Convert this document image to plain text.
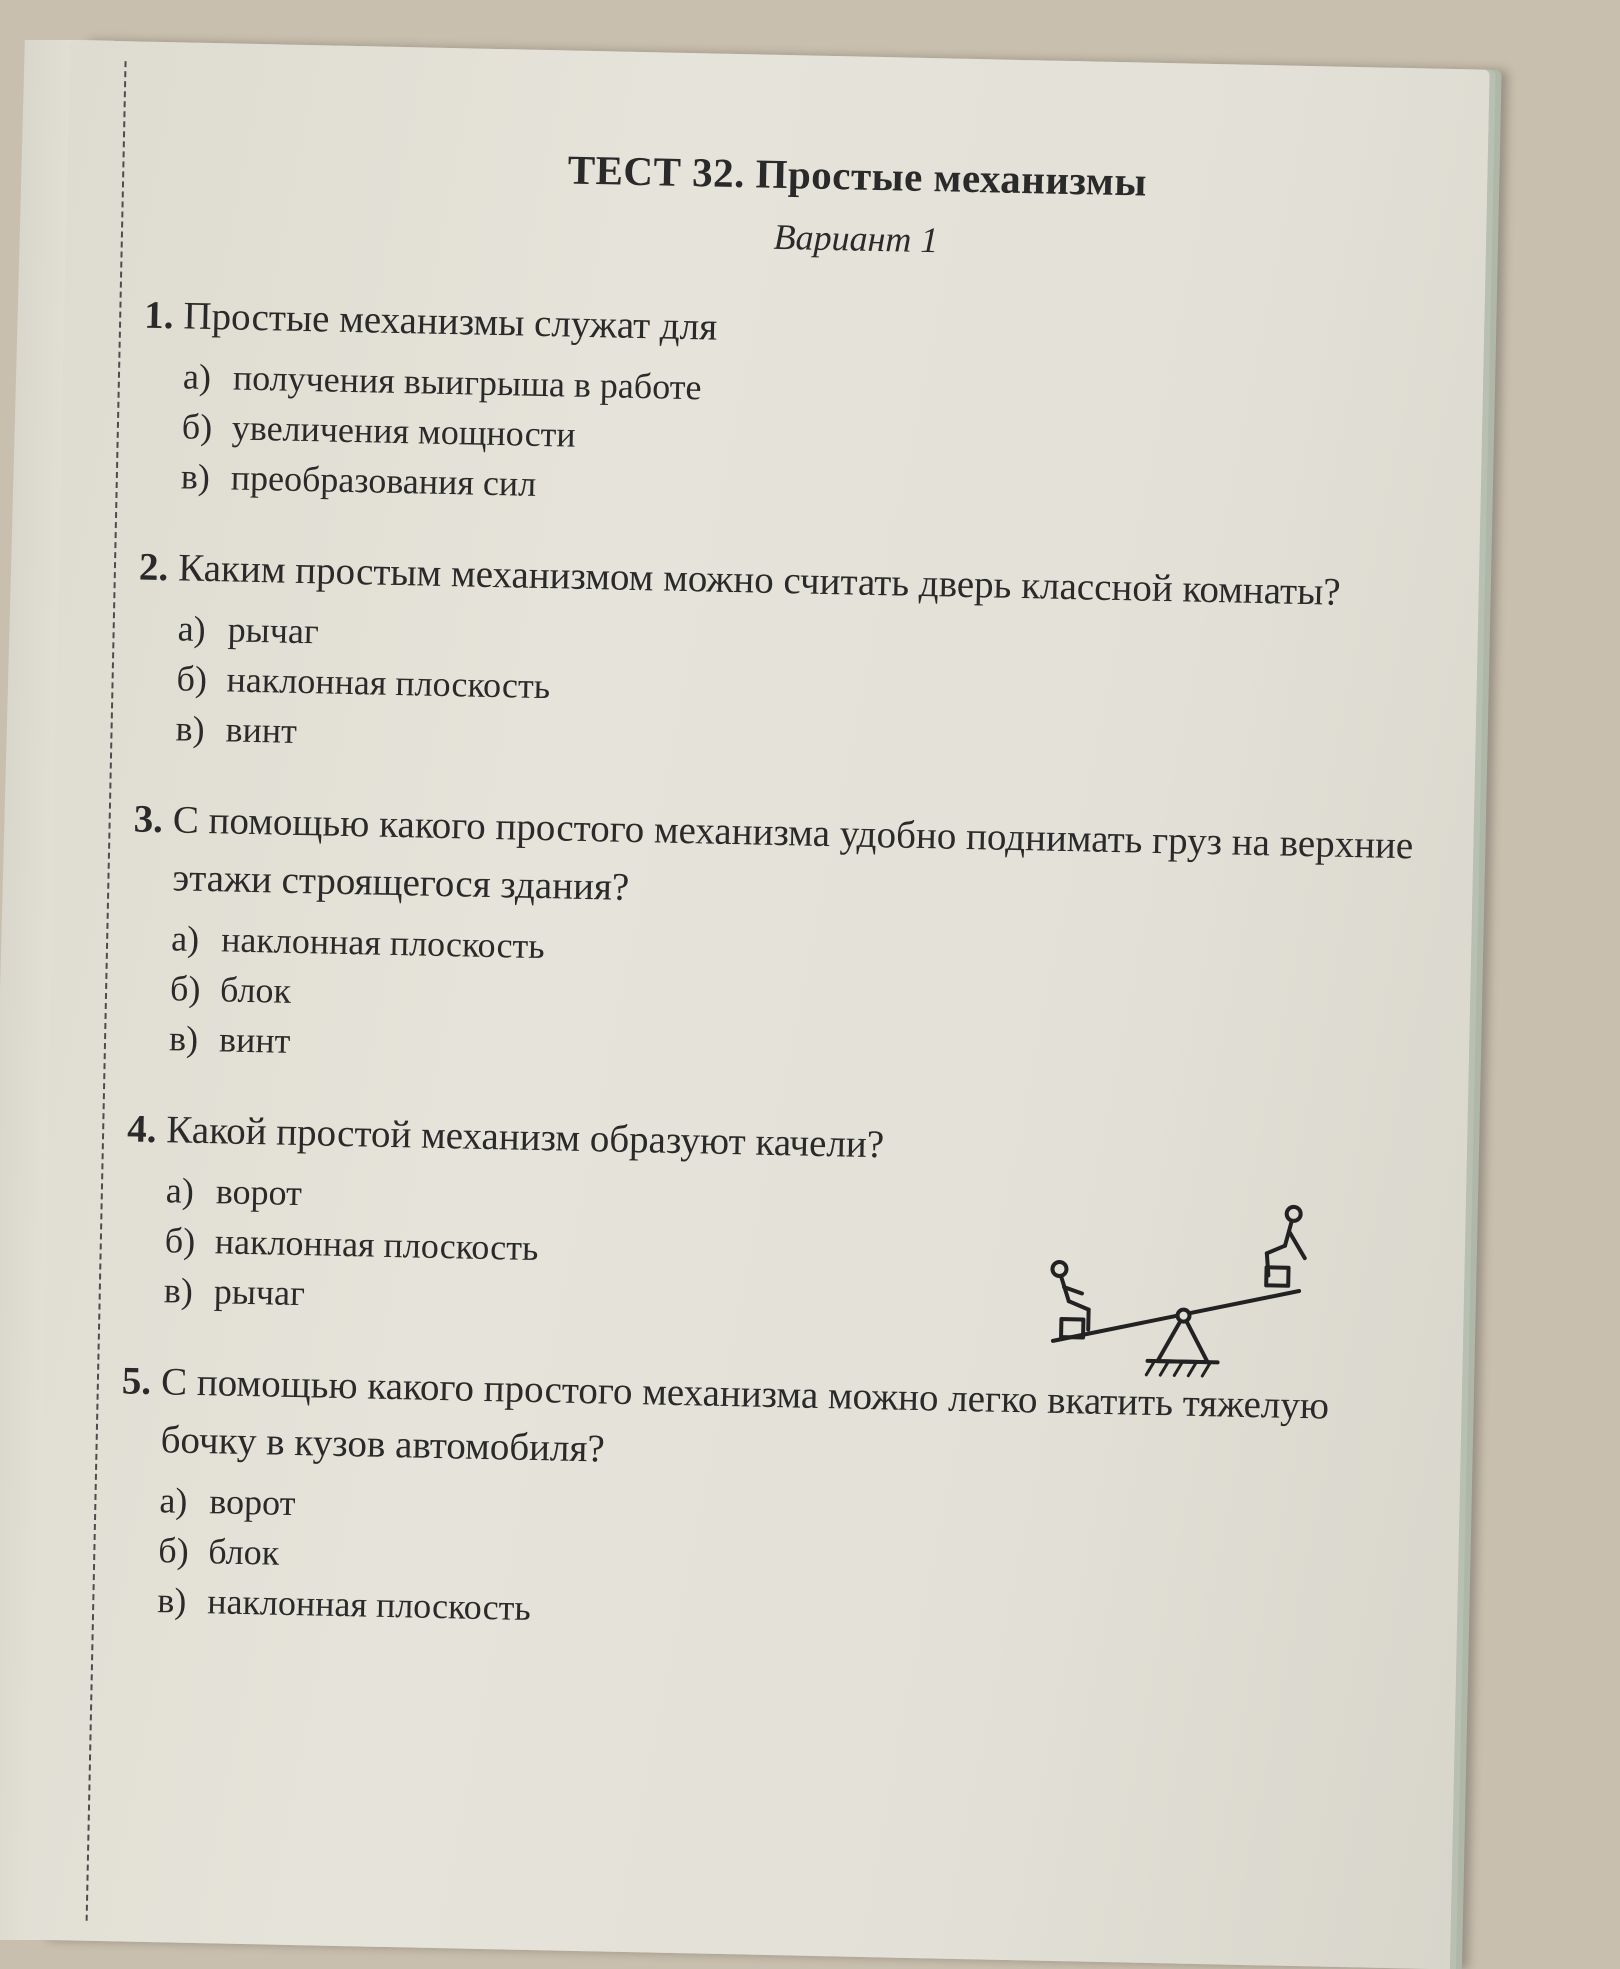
ТЕСТ 32. Простые механизмы

Вариант 1

1. Простые механизмы служат для

а) получения выигрыша в работе
б) увеличения мощности
в) преобразования сил

2. Каким простым механизмом можно считать дверь классной комнаты?

а) рычаг
б) наклонная плоскость
в) винт

3. С помощью какого простого механизма удобно поднимать груз на верхние этажи строящегося здания?

а) наклонная плоскость
б) блок
в) винт

4. Какой простой механизм образуют качели?

а) ворот
б) наклонная плоскость
в) рычаг

5. С помощью какого простого механизма можно легко вкатить тяжелую бочку в кузов автомобиля?

а) ворот
б) блок
в) наклонная плоскость
